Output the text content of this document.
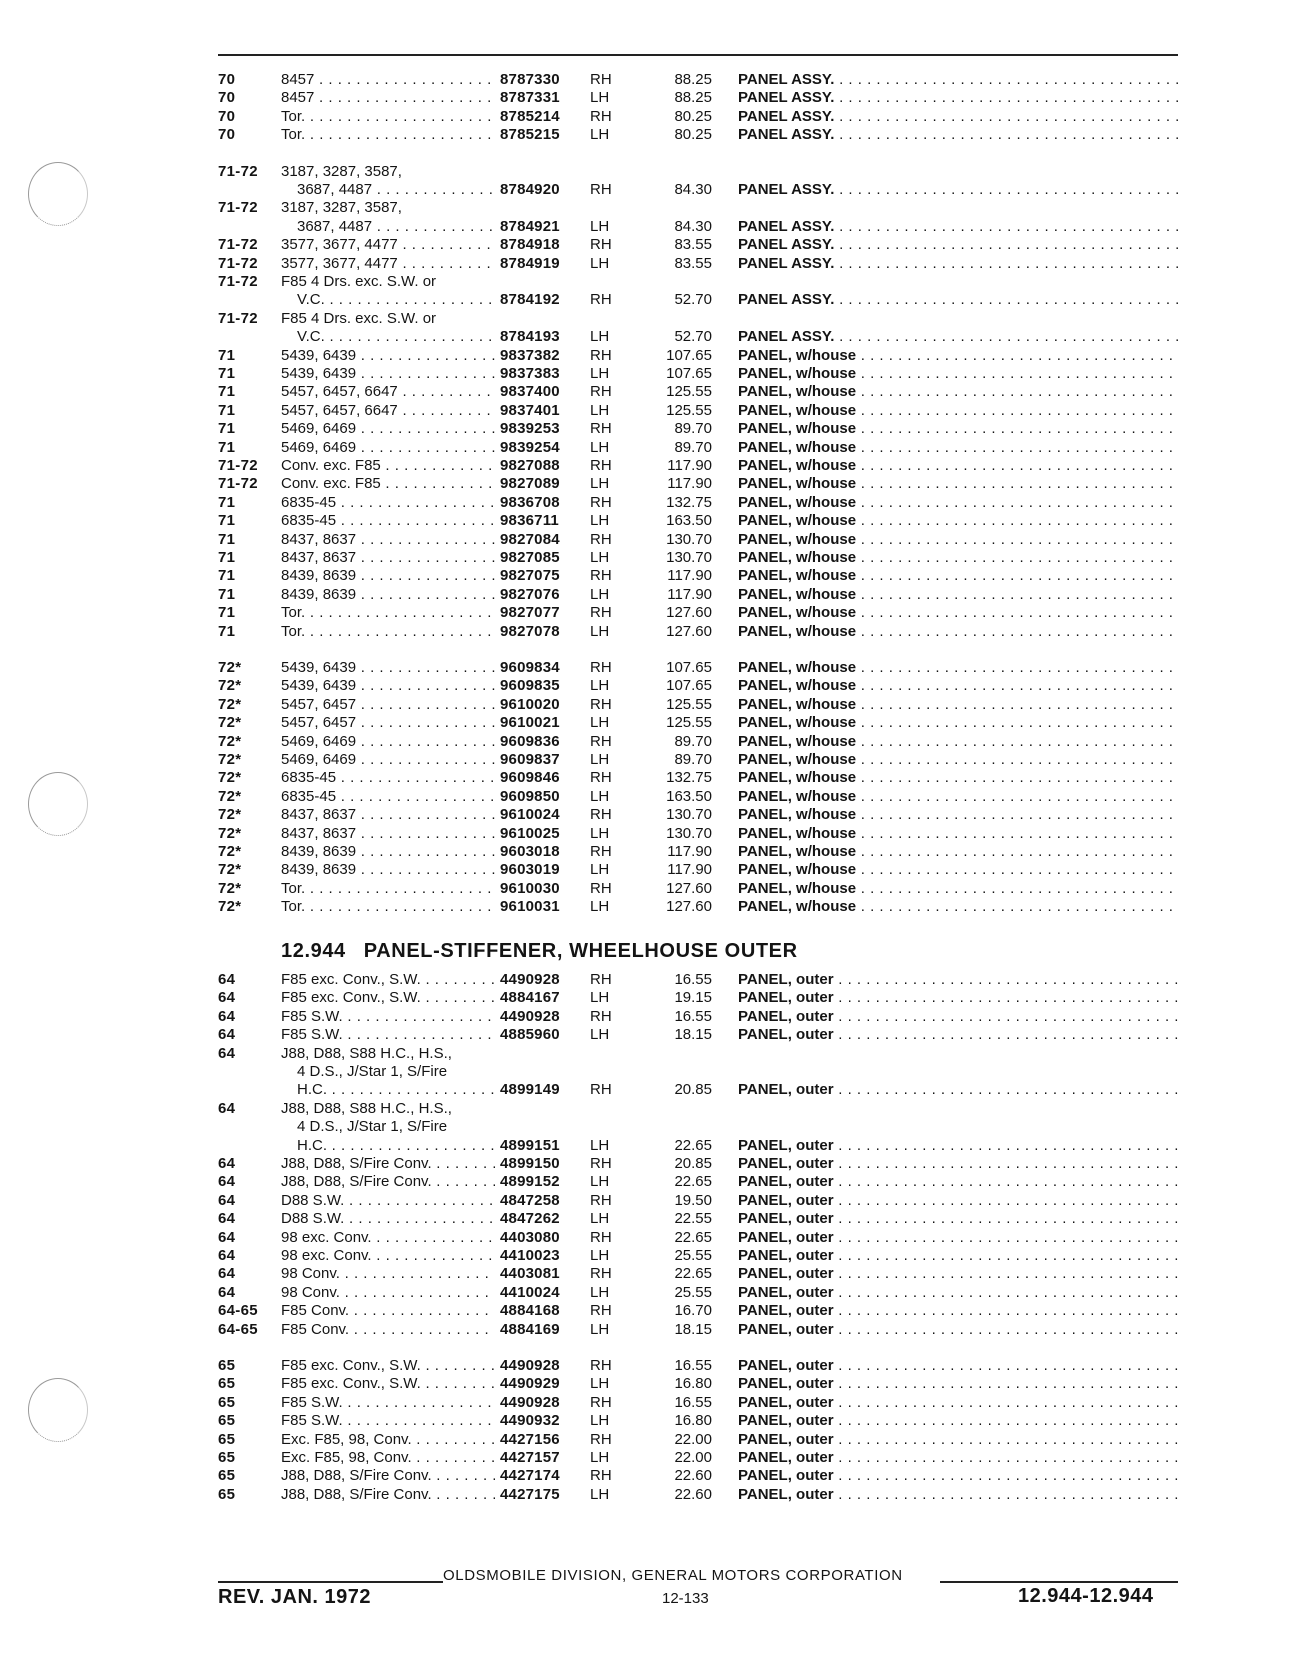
70	8457 . . .	8787330 RH	88.25 PANEL ASSY. . . .
70	8457 . . .	8787331 LH	88.25 PANEL ASSY. . . .
70	Tor. . . .	8785214 RH	80.25 PANEL ASSY. . . .
70	Tor. . . .	8785215 LH	80.25 PANEL ASSY. . . .
71-72 3187, 3287, 3587,
3687, 4487 . . .	8784920 RH	84.30 PANEL ASSY. . . .
71-72 3187, 3287, 3587,
3687, 4487 . . .	8784921 LH	84.30 PANEL ASSY. . . .
71-72 3577, 3677, 4477 . . .	8784918 RH	83.55 PANEL ASSY. . . .
71-72 3577, 3677, 4477 . . .	8784919 LH	83.55 PANEL ASSY. . . .
71-72 F85 4 Drs. exc. S.W. or
V.C. . . .	8784192 RH	52.70 PANEL ASSY. . . .
71-72 F85 4 Drs. exc. S.W. or
V.C. . . .	8784193 LH	52.70 PANEL ASSY. . . .
71	5439, 6439 . . .	9837382 RH	107.65 PANEL, w/house . . .
71	5439, 6439 . . .	9837383 LH	107.65 PANEL, w/house . . .
71	5457, 6457, 6647 . . .	9837400 RH	125.55 PANEL, w/house . . .
71	5457, 6457, 6647 . . .	9837401 LH	125.55 PANEL, w/house . . .
71	5469, 6469 . . .	9839253 RH	89.70 PANEL, w/house . . .
71	5469, 6469 . . .	9839254 LH	89.70 PANEL, w/house . . .
71-72 Conv. exc. F85 . . .	9827088 RH	117.90 PANEL, w/house . . .
71-72 Conv. exc. F85 . . .	9827089 LH	117.90 PANEL, w/house . . .
71	6835-45 . . .	9836708 RH	132.75 PANEL, w/house . . .
71	6835-45 . . .	9836711 LH	163.50 PANEL, w/house . . .
71	8437, 8637 . . .	9827084 RH	130.70 PANEL, w/house . . .
71	8437, 8637 . . .	9827085 LH	130.70 PANEL, w/house . . .
71	8439, 8639 . . .	9827075 RH	117.90 PANEL, w/house . . .
71	8439, 8639 . . .	9827076 LH	117.90 PANEL, w/house . . .
71	Tor. . . .	9827077 RH	127.60 PANEL, w/house . . .
71	Tor. . . .	9827078 LH	127.60 PANEL, w/house . . .
72*	5439, 6439 . . .	9609834 RH	107.65 PANEL, w/house . . .
72*	5439, 6439 . . .	9609835 LH	107.65 PANEL, w/house . . .
72*	5457, 6457 . . .	9610020 RH	125.55 PANEL, w/house . . .
72*	5457, 6457 . . .	9610021 LH	125.55 PANEL, w/house . . .
72*	5469, 6469 . . .	9609836 RH	89.70 PANEL, w/house . . .
72*	5469, 6469 . . .	9609837 LH	89.70 PANEL, w/house . . .
72*	6835-45 . . .	9609846 RH	132.75 PANEL, w/house . . .
72*	6835-45 . . .	9609850 LH	163.50 PANEL, w/house . . .
72*	8437, 8637 . . .	9610024 RH	130.70 PANEL, w/house . . .
72*	8437, 8637 . . .	9610025 LH	130.70 PANEL, w/house . . .
72*	8439, 8639 . . .	9603018 RH	117.90 PANEL, w/house . . .
72*	8439, 8639 . . .	9603019 LH	117.90 PANEL, w/house . . .
72*	Tor. . . .	9610030 RH	127.60 PANEL, w/house . . .
72*	Tor. . . .	9610031 LH	127.60 PANEL, w/house . . .
12.944 PANEL-STIFFENER, WHEELHOUSE OUTER
64	F85 exc. Conv., S.W. . . .	4490928 RH	16.55 PANEL, outer . . .
64	F85 exc. Conv., S.W. . . .	4884167 LH	19.15 PANEL, outer . . .
64	F85 S.W. . . .	4490928 RH	16.55 PANEL, outer . . .
64	F85 S.W. . . .	4885960 LH	18.15 PANEL, outer . . .
64	J88, D88, S88 H.C., H.S.,
4 D.S., J/Star 1, S/Fire
H.C. . . .	4899149 RH	20.85 PANEL, outer . . .
64	J88, D88, S88 H.C., H.S.,
4 D.S., J/Star 1, S/Fire
H.C. . . .	4899151 LH	22.65 PANEL, outer . . .
64	J88, D88, S/Fire Conv. . . .	4899150 RH	20.85 PANEL, outer . . .
64	J88, D88, S/Fire Conv. . . .	4899152 LH	22.65 PANEL, outer . . .
64	D88 S.W. . . .	4847258 RH	19.50 PANEL, outer . . .
64	D88 S.W. . . .	4847262 LH	22.55 PANEL, outer . . .
64	98 exc. Conv. . . .	4403080 RH	22.65 PANEL, outer . . .
64	98 exc. Conv. . . .	4410023 LH	25.55 PANEL, outer . . .
64	98 Conv. . . .	4403081 RH	22.65 PANEL, outer . . .
64	98 Conv. . . .	4410024 LH	25.55 PANEL, outer . . .
64-65 F85 Conv. . . .	4884168 RH	16.70 PANEL, outer . . .
64-65 F85 Conv. . . .	4884169 LH	18.15 PANEL, outer . . .
65	F85 exc. Conv., S.W. . . .	4490928 RH	16.55 PANEL, outer . . .
65	F85 exc. Conv., S.W. . . .	4490929 LH	16.80 PANEL, outer . . .
65	F85 S.W. . . .	4490928 RH	16.55 PANEL, outer . . .
65	F85 S.W. . . .	4490932 LH	16.80 PANEL, outer . . .
65	Exc. F85, 98, Conv. . . .	4427156 RH	22.00 PANEL, outer . . .
65	Exc. F85, 98, Conv. . . .	4427157 LH	22.00 PANEL, outer . . .
65	J88, D88, S/Fire Conv. . . .	4427174 RH	22.60 PANEL, outer . . .
65	J88, D88, S/Fire Conv. . . .	4427175 LH	22.60 PANEL, outer . . .
OLDSMOBILE DIVISION, GENERAL MOTORS CORPORATION
REV. JAN. 1972	12-133	12.944-12.944
